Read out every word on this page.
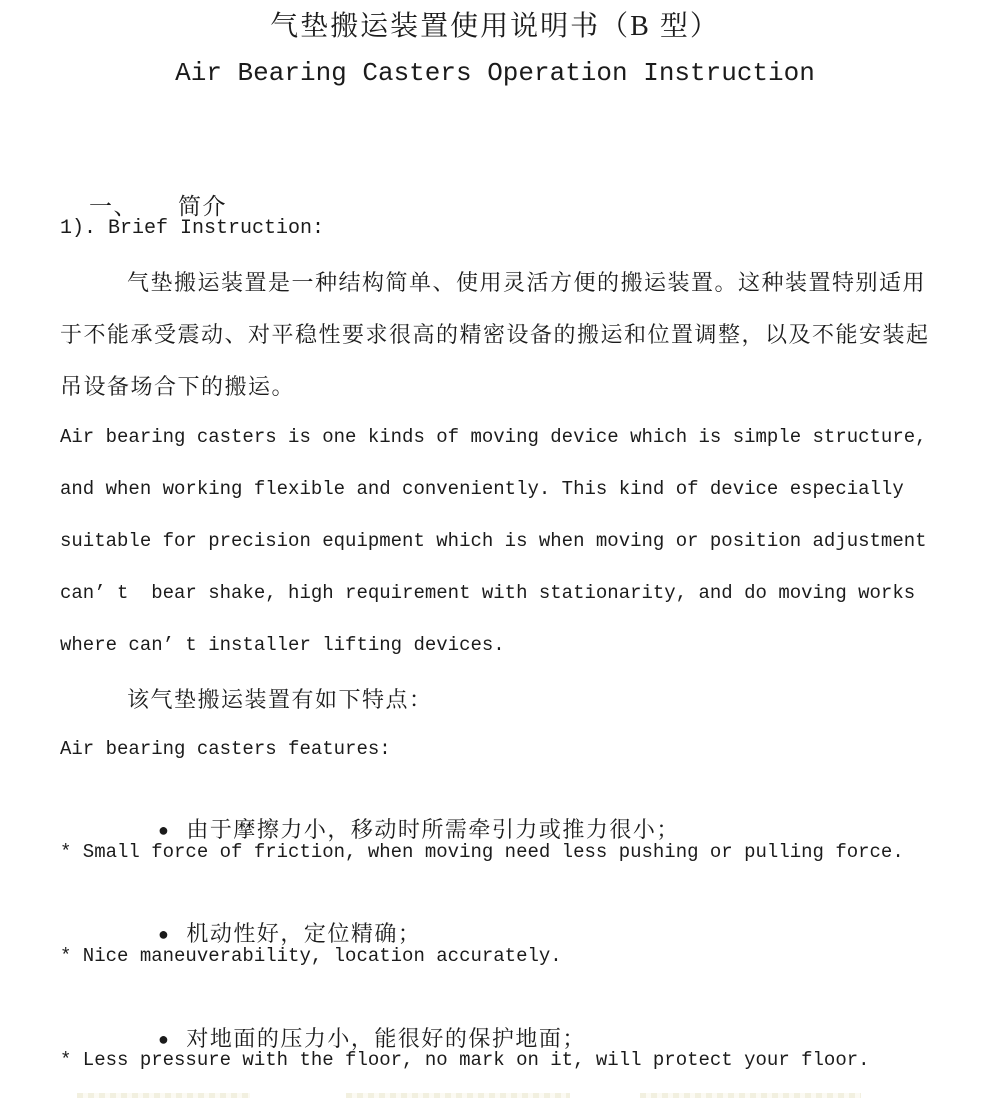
气垫搬运装置使用说明书（B 型）
Air Bearing Casters Operation Instruction

一、 简介

1). Brief Instruction:
气垫搬运装置是一种结构简单、使用灵活方便的搬运装置。这种装置特别适用
于不能承受震动、对平稳性要求很高的精密设备的搬运和位置调整，以及不能安装起
吊设备场合下的搬运。
Air bearing casters is one kinds of moving device which is simple structure,
and when working flexible and conveniently. This kind of device especially
suitable for precision equipment which is when moving or position adjustment
can’ t  bear shake, high requirement with stationarity, and do moving works
where can’ t installer lifting devices.
该气垫搬运装置有如下特点：
Air bearing casters features:

● 由于摩擦力小，移动时所需牵引力或推力很小；

* Small force of friction, when moving need less pushing or pulling force.

● 机动性好，定位精确；

* Nice maneuverability, location accurately.

● 对地面的压力小，能很好的保护地面；

* Less pressure with the floor, no mark on it, will protect your floor.
